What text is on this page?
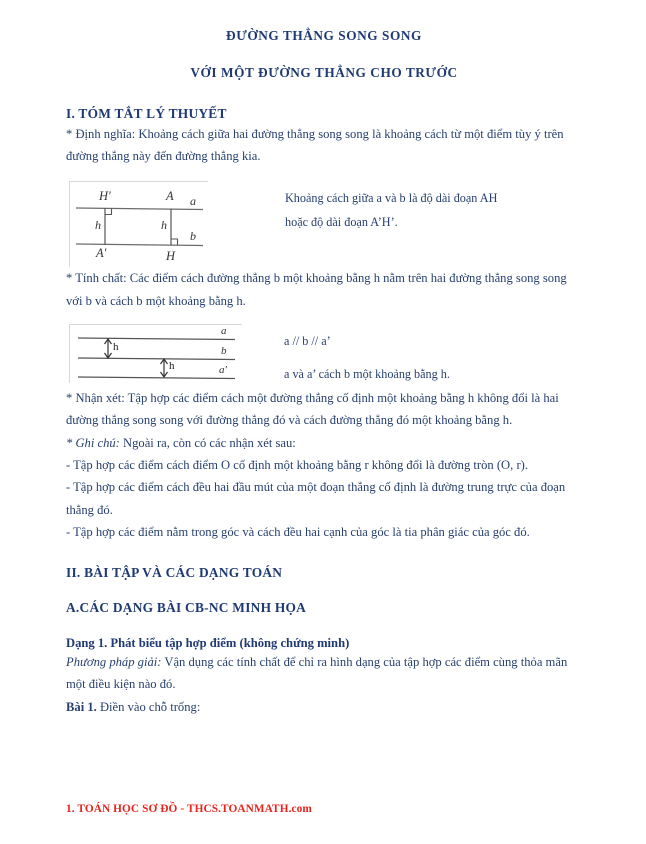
ĐƯỜNG THẲNG SONG SONG
VỚI MỘT ĐƯỜNG THẲNG CHO TRƯỚC
I. TÓM TẮT LÝ THUYẾT

* Định nghĩa: Khoảng cách giữa hai đường thẳng song song là khoảng cách từ một điểm tùy ý trên đường thẳng này đến đường thẳng kia.

H′	A a
b
h	h
A′	H
Khoảng cách giữa a và b là độ dài đoạn AH
hoặc độ dài đoạn A’H’.

* Tính chất: Các điểm cách đường thẳng b một khoảng bằng h nằm trên hai đường thẳng song song với b và cách b một khoảng bằng h.

a
b
a′
h
h
a // b // a’
a và a’ cách b một khoảng bằng h.

* Nhận xét: Tập hợp các điểm cách một đường thẳng cố định một khoảng bằng h không đổi là hai đường thẳng song song với đường thẳng đó và cách đường thẳng đó một khoảng bằng h.

* Ghi chú: Ngoài ra, còn có các nhận xét sau:

- Tập hợp các điểm cách điểm O cố định một khoảng bằng r không đổi là đường tròn (O, r).

- Tập hợp các điểm cách đều hai đầu mút của một đoạn thẳng cố định là đường trung trực của đoạn thẳng đó.

- Tập hợp các điểm nằm trong góc và cách đều hai cạnh của góc là tia phân giác của góc đó.

II. BÀI TẬP VÀ CÁC DẠNG TOÁN
A.CÁC DẠNG BÀI CB-NC MINH HỌA
Dạng 1. Phát biểu tập hợp điểm (không chứng minh)

Phương pháp giải: Vận dụng các tính chất để chỉ ra hình dạng của tập hợp các điểm cùng thỏa mãn một điều kiện nào đó.

Bài 1. Điền vào chỗ trống:

1. TOÁN HỌC SƠ ĐỒ - THCS.TOANMATH.com
